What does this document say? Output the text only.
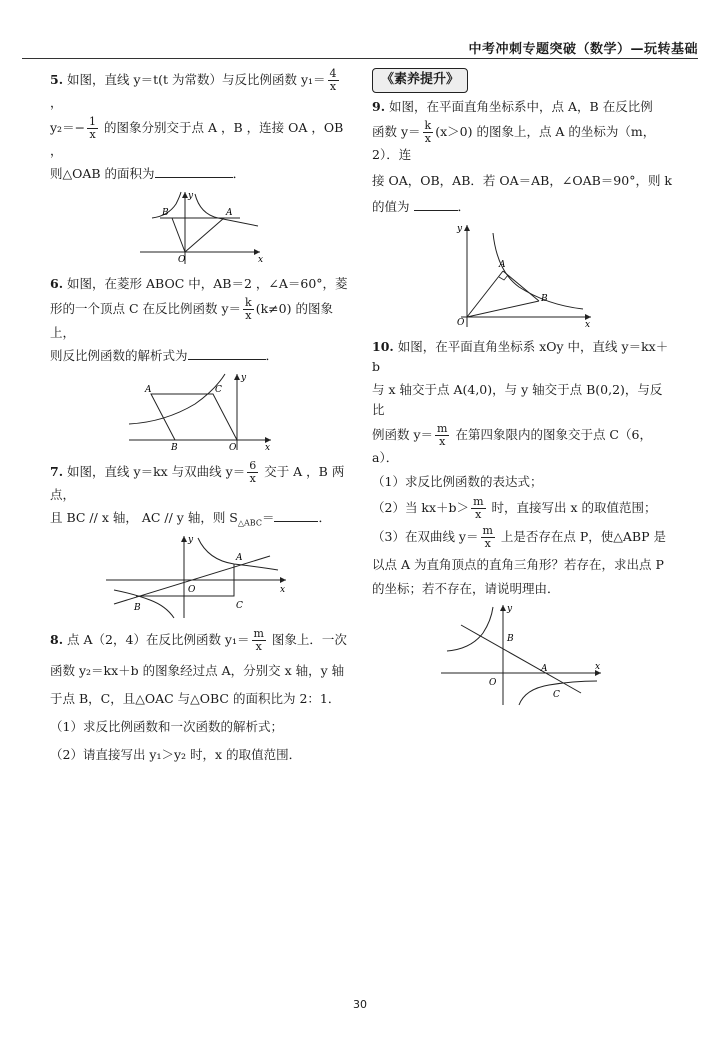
中考冲刺专题突破（数学）—玩转基础

5. 如图，直线 y＝t(t 为常数）与反比例函数 $y_1= \frac{4}{x}$
，

$y_2=- \frac{1}{x}$ 的图象分别交于点 A ，B ，连接 OA ，OB ，

则△OAB 的面积为	．

O
y
x
A
B

6. 如图，在菱形 ABOC 中，AB＝2 ，∠A＝60°，菱

形的一个顶点 C 在反比例函数 $y= \frac{k}{x} (k\ne 0)$ 的图象上，

则反比例函数的解析式为	．

A	C
B	O
y
x

7. 如图，直线 y＝kx 与双曲线 $y= \frac{6}{x}$ 交于 A ，B 两点，

且 BC // x 轴， AC // y 轴，则 $S_{\triangle ABC}=$	．

A
B	C
O
y
x

8. 点 A（2，4）在反比例函数 $y_1= \frac{m}{x}$ 图象上．一次

函数 y₂＝kx＋b 的图象经过点 A，分别交 x 轴，y 轴

于点 B，C，且△OAC 与△OBC 的面积比为 2：1．

（1）求反比例函数和一次函数的解析式；

（2）请直接写出 y₁＞y₂ 时，x 的取值范围．

《素养提升》

9. 如图，在平面直角坐标系中，点 A，B 在反比例

函数 $y= \frac{k}{x} (x>0)$ 的图象上，点 A 的坐标为（m，2）．连

接 OA，OB，AB．若 OA＝AB，∠OAB＝90°，则 k

的值为	．

A
B
O
y
x

10. 如图，在平面直角坐标系 xOy 中，直线 y＝kx＋b

与 x 轴交于点 A(4,0)，与 y 轴交于点 B(0,2)，与反比

例函数 $y= \frac{m}{x}$ 在第四象限内的图象交于点 C（6，a）．

（1）求反比例函数的表达式；

（2）当 $kx+b> \frac{m}{x}$ 时，直接写出 x 的取值范围；

（3）在双曲线 $y= \frac{m}{x}$ 上是否存在点 P，使△ABP 是

以点 A 为直角顶点的直角三角形？若存在，求出点 P

的坐标；若不存在，请说明理由．

B
A
C
O
y
x
30
